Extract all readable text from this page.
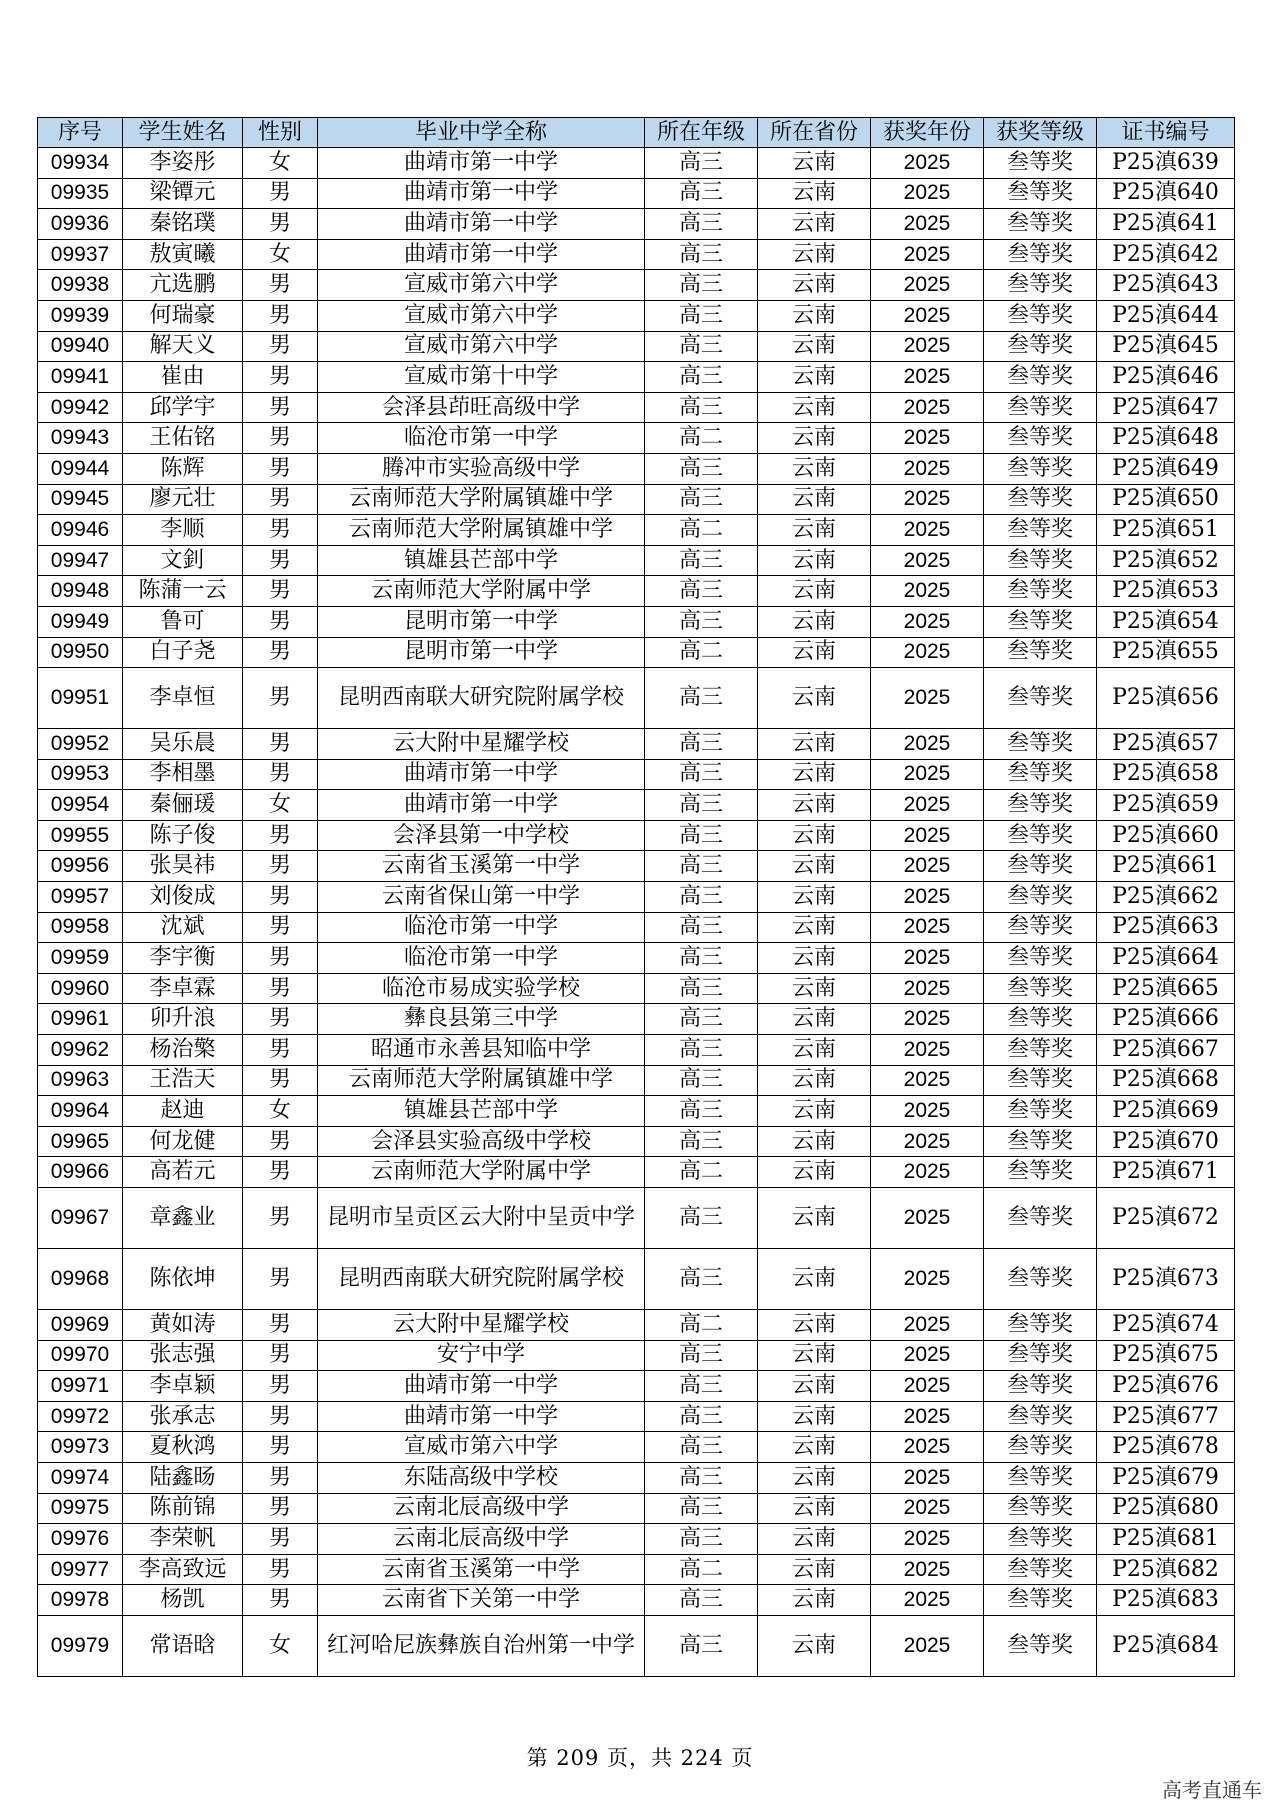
序号	学生姓名	性别	毕业中学全称	所在年级	所在省份	获奖年份	获奖等级	证书编号
09934	李姿彤	女	曲靖市第一中学	高三	云南	2025	叁等奖	P25滇639
09935	梁镡元	男	曲靖市第一中学	高三	云南	2025	叁等奖	P25滇640
09936	秦铭璞	男	曲靖市第一中学	高三	云南	2025	叁等奖	P25滇641
09937	敖寅曦	女	曲靖市第一中学	高三	云南	2025	叁等奖	P25滇642
09938	亢选鹏	男	宣威市第六中学	高三	云南	2025	叁等奖	P25滇643
09939	何瑞豪	男	宣威市第六中学	高三	云南	2025	叁等奖	P25滇644
09940	解天义	男	宣威市第六中学	高三	云南	2025	叁等奖	P25滇645
09941	崔由	男	宣威市第十中学	高三	云南	2025	叁等奖	P25滇646
09942	邱学宇	男	会泽县茚旺高级中学	高三	云南	2025	叁等奖	P25滇647
09943	王佑铭	男	临沧市第一中学	高二	云南	2025	叁等奖	P25滇648
09944	陈辉	男	腾冲市实验高级中学	高三	云南	2025	叁等奖	P25滇649
09945	廖元壮	男	云南师范大学附属镇雄中学	高三	云南	2025	叁等奖	P25滇650
09946	李顺	男	云南师范大学附属镇雄中学	高二	云南	2025	叁等奖	P25滇651
09947	文釗	男	镇雄县芒部中学	高三	云南	2025	叁等奖	P25滇652
09948	陈蒲一云	男	云南师范大学附属中学	高三	云南	2025	叁等奖	P25滇653
09949	鲁可	男	昆明市第一中学	高三	云南	2025	叁等奖	P25滇654
09950	白子尧	男	昆明市第一中学	高二	云南	2025	叁等奖	P25滇655
09951	李卓恒	男	昆明西南联大研究院附属学校	高三	云南	2025	叁等奖	P25滇656
09952	吴乐晨	男	云大附中星耀学校	高三	云南	2025	叁等奖	P25滇657
09953	李相墨	男	曲靖市第一中学	高三	云南	2025	叁等奖	P25滇658
09954	秦俪瑗	女	曲靖市第一中学	高三	云南	2025	叁等奖	P25滇659
09955	陈子俊	男	会泽县第一中学校	高三	云南	2025	叁等奖	P25滇660
09956	张昊祎	男	云南省玉溪第一中学	高三	云南	2025	叁等奖	P25滇661
09957	刘俊成	男	云南省保山第一中学	高三	云南	2025	叁等奖	P25滇662
09958	沈斌	男	临沧市第一中学	高三	云南	2025	叁等奖	P25滇663
09959	李宇衡	男	临沧市第一中学	高三	云南	2025	叁等奖	P25滇664
09960	李卓霖	男	临沧市易成实验学校	高三	云南	2025	叁等奖	P25滇665
09961	卯升浪	男	彝良县第三中学	高三	云南	2025	叁等奖	P25滇666
09962	杨治檠	男	昭通市永善县知临中学	高三	云南	2025	叁等奖	P25滇667
09963	王浩天	男	云南师范大学附属镇雄中学	高三	云南	2025	叁等奖	P25滇668
09964	赵迪	女	镇雄县芒部中学	高三	云南	2025	叁等奖	P25滇669
09965	何龙健	男	会泽县实验高级中学校	高三	云南	2025	叁等奖	P25滇670
09966	高若元	男	云南师范大学附属中学	高二	云南	2025	叁等奖	P25滇671
09967	章鑫业	男	昆明市呈贡区云大附中呈贡中学	高三	云南	2025	叁等奖	P25滇672
09968	陈依坤	男	昆明西南联大研究院附属学校	高三	云南	2025	叁等奖	P25滇673
09969	黄如涛	男	云大附中星耀学校	高二	云南	2025	叁等奖	P25滇674
09970	张志强	男	安宁中学	高三	云南	2025	叁等奖	P25滇675
09971	李卓颖	男	曲靖市第一中学	高三	云南	2025	叁等奖	P25滇676
09972	张承志	男	曲靖市第一中学	高三	云南	2025	叁等奖	P25滇677
09973	夏秋鸿	男	宣威市第六中学	高三	云南	2025	叁等奖	P25滇678
09974	陆鑫旸	男	东陆高级中学校	高三	云南	2025	叁等奖	P25滇679
09975	陈前锦	男	云南北辰高级中学	高三	云南	2025	叁等奖	P25滇680
09976	李荣帆	男	云南北辰高级中学	高三	云南	2025	叁等奖	P25滇681
09977	李高致远	男	云南省玉溪第一中学	高二	云南	2025	叁等奖	P25滇682
09978	杨凯	男	云南省下关第一中学	高三	云南	2025	叁等奖	P25滇683
09979	常语晗	女	红河哈尼族彝族自治州第一中学	高三	云南	2025	叁等奖	P25滇684
第 209 页，共 224 页
高考直通车
